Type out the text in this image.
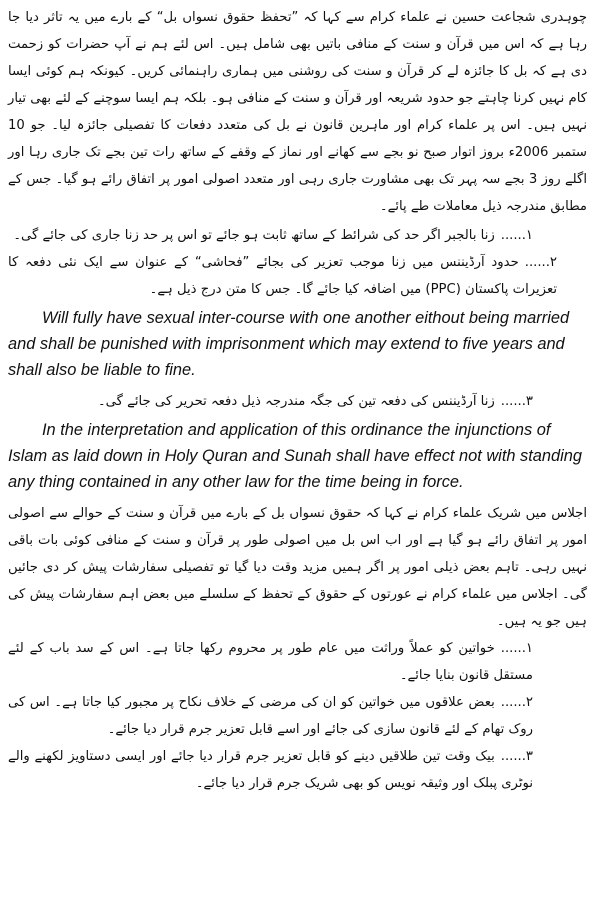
چوہدری شجاعت حسین نے علماء کرام سے کہا کہ ”تحفظ حقوق نسواں بل“ کے بارے میں یہ تاثر دیا جا رہا ہے کہ اس میں قرآن و سنت کے منافی باتیں بھی شامل ہیں۔ اس لئے ہم نے آپ حضرات کو زحمت دی ہے کہ بل کا جائزہ لے کر قرآن و سنت کی روشنی میں ہماری راہنمائی کریں۔ کیونکہ ہم کوئی ایسا کام نہیں کرنا چاہتے جو حدود شریعہ اور قرآن و سنت کے منافی ہو۔ بلکہ ہم ایسا سوچنے کے لئے بھی تیار نہیں ہیں۔ اس پر علماء کرام اور ماہرین قانون نے بل کی متعدد دفعات کا تفصیلی جائزہ لیا۔ جو 10 ستمبر 2006ء بروز اتوار صبح نو بجے سے کھانے اور نماز کے وقفے کے ساتھ رات تین بجے تک جاری رہا اور اگلے روز 3 بجے سہ پہر تک بھی مشاورت جاری رہی اور متعدد اصولی امور پر اتفاق رائے ہو گیا۔ جس کے مطابق مندرجہ ذیل معاملات طے پائے۔

۱......زنا بالجبر اگر حد کی شرائط کے ساتھ ثابت ہو جائے تو اس پر حد زنا جاری کی جائے گی۔

۲......حدود آرڈیننس میں زنا موجب تعزیر کی بجائے ”فحاشی“ کے عنوان سے ایک نئی دفعہ کا تعزیرات پاکستان (PPC) میں اضافہ کیا جائے گا۔ جس کا متن درج ذیل ہے۔

Will fully have sexual inter-course with one another eithout being married and shall be punished with imprisonment which may extend to five years and shall also be liable to fine.

۳......زنا آرڈیننس کی دفعہ تین کی جگہ مندرجہ ذیل دفعہ تحریر کی جائے گی۔

In the interpretation and application of this ordinance the injunctions of Islam as laid down in Holy Quran and Sunah shall have effect not with standing any thing contained in any other law for the time being in force.

اجلاس میں شریک علماء کرام نے کہا کہ حقوق نسواں بل کے بارے میں قرآن و سنت کے حوالے سے اصولی امور پر اتفاق رائے ہو گیا ہے اور اب اس بل میں اصولی طور پر قرآن و سنت کے منافی کوئی بات باقی نہیں رہی۔ تاہم بعض ذیلی امور پر اگر ہمیں مزید وقت دیا گیا تو تفصیلی سفارشات پیش کر دی جائیں گی۔ اجلاس میں علماء کرام نے عورتوں کے حقوق کے تحفظ کے سلسلے میں بعض اہم سفارشات پیش کی ہیں جو یہ ہیں۔

۱......خواتین کو عملاً وراثت میں عام طور پر محروم رکھا جاتا ہے۔ اس کے سد باب کے لئے مستقل قانون بنایا جائے۔

۲......بعض علاقوں میں خواتین کو ان کی مرضی کے خلاف نکاح پر مجبور کیا جاتا ہے۔ اس کی روک تھام کے لئے قانون سازی کی جائے اور اسے قابل تعزیر جرم قرار دیا جائے۔

۳......بیک وقت تین طلاقیں دینے کو قابل تعزیر جرم قرار دیا جائے اور ایسی دستاویز لکھنے والے نوٹری پبلک اور وثیقہ نویس کو بھی شریک جرم قرار دیا جائے۔
